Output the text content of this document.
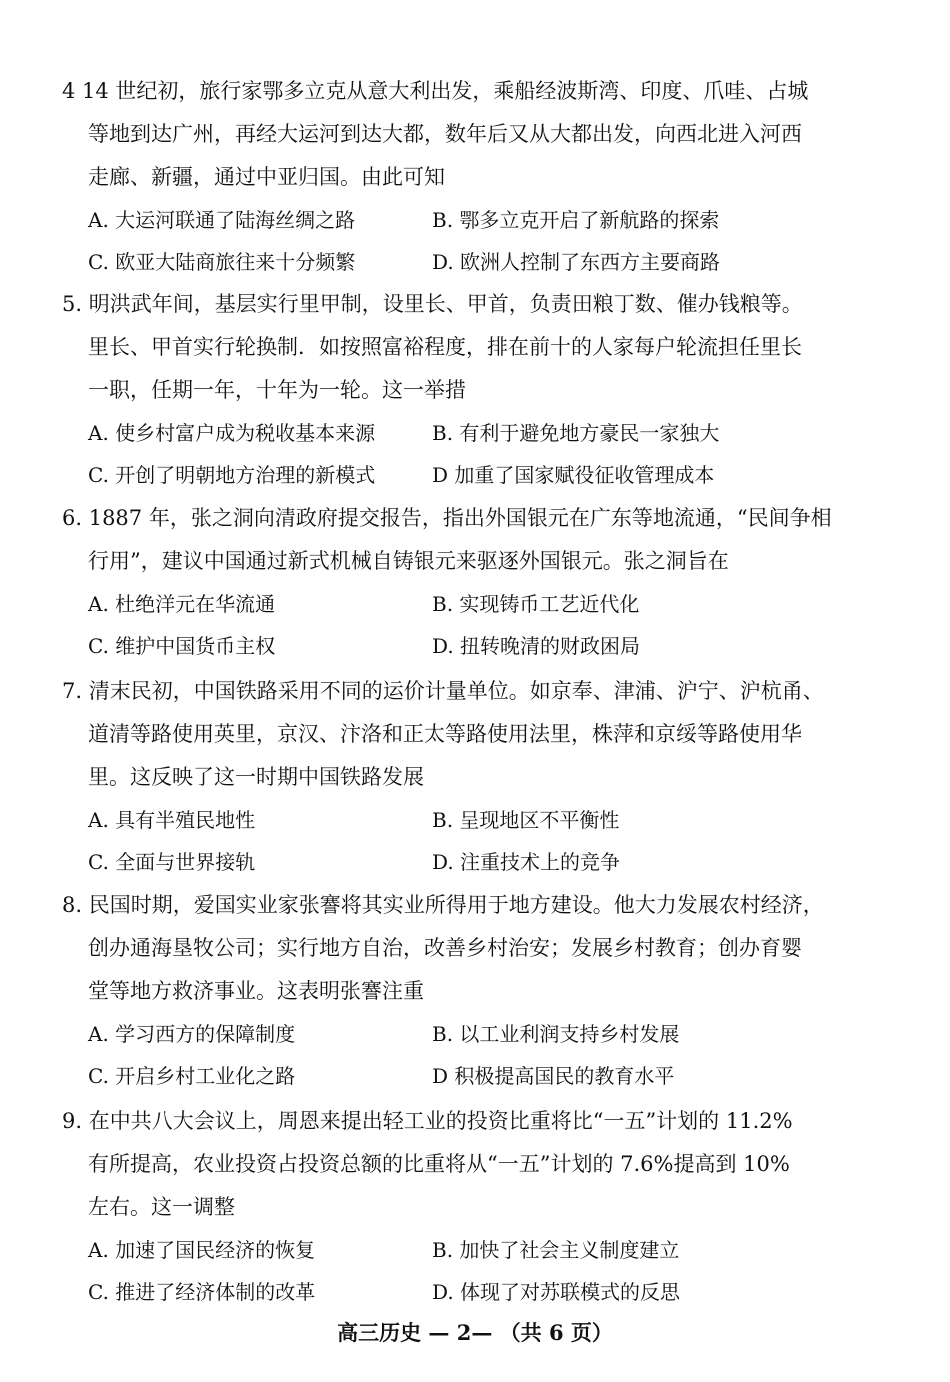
4 14 世纪初，旅行家鄂多立克从意大利出发，乘船经波斯湾、印度、爪哇、占城
等地到达广州，再经大运河到达大都，数年后又从大都出发，向西北进入河西
走廊、新疆，通过中亚归国。由此可知
A. 大运河联通了陆海丝绸之路	B. 鄂多立克开启了新航路的探索
C. 欧亚大陆商旅往来十分频繁	D. 欧洲人控制了东西方主要商路
5. 明洪武年间，基层实行里甲制，设里长、甲首，负责田粮丁数、催办钱粮等。
里长、甲首实行轮换制．如按照富裕程度，排在前十的人家每户轮流担任里长
一职，任期一年，十年为一轮。这一举措
A. 使乡村富户成为税收基本来源	B. 有利于避免地方豪民一家独大
C. 开创了明朝地方治理的新模式	D 加重了国家赋役征收管理成本
6. 1887 年，张之洞向清政府提交报告，指出外国银元在广东等地流通，“民间争相
行用”，建议中国通过新式机械自铸银元来驱逐外国银元。张之洞旨在
A. 杜绝洋元在华流通	B. 实现铸币工艺近代化
C. 维护中国货币主权	D. 扭转晚清的财政困局
7. 清末民初，中国铁路采用不同的运价计量单位。如京奉、津浦、沪宁、沪杭甬、
道清等路使用英里，京汉、汴洛和正太等路使用法里，株萍和京绥等路使用华
里。这反映了这一时期中国铁路发展
A. 具有半殖民地性	B. 呈现地区不平衡性
C. 全面与世界接轨	D. 注重技术上的竞争
8. 民国时期，爱国实业家张謇将其实业所得用于地方建设。他大力发展农村经济，
创办通海垦牧公司；实行地方自治，改善乡村治安；发展乡村教育；创办育婴
堂等地方救济事业。这表明张謇注重
A. 学习西方的保障制度	B. 以工业利润支持乡村发展
C. 开启乡村工业化之路	D 积极提高国民的教育水平
9. 在中共八大会议上，周恩来提出轻工业的投资比重将比“一五”计划的 11.2%
有所提高，农业投资占投资总额的比重将从“一五”计划的 7.6%提高到 10%
左右。这一调整
A. 加速了国民经济的恢复	B. 加快了社会主义制度建立
C. 推进了经济体制的改革	D. 体现了对苏联模式的反思
高三历史 — 2— （共 6 页）
